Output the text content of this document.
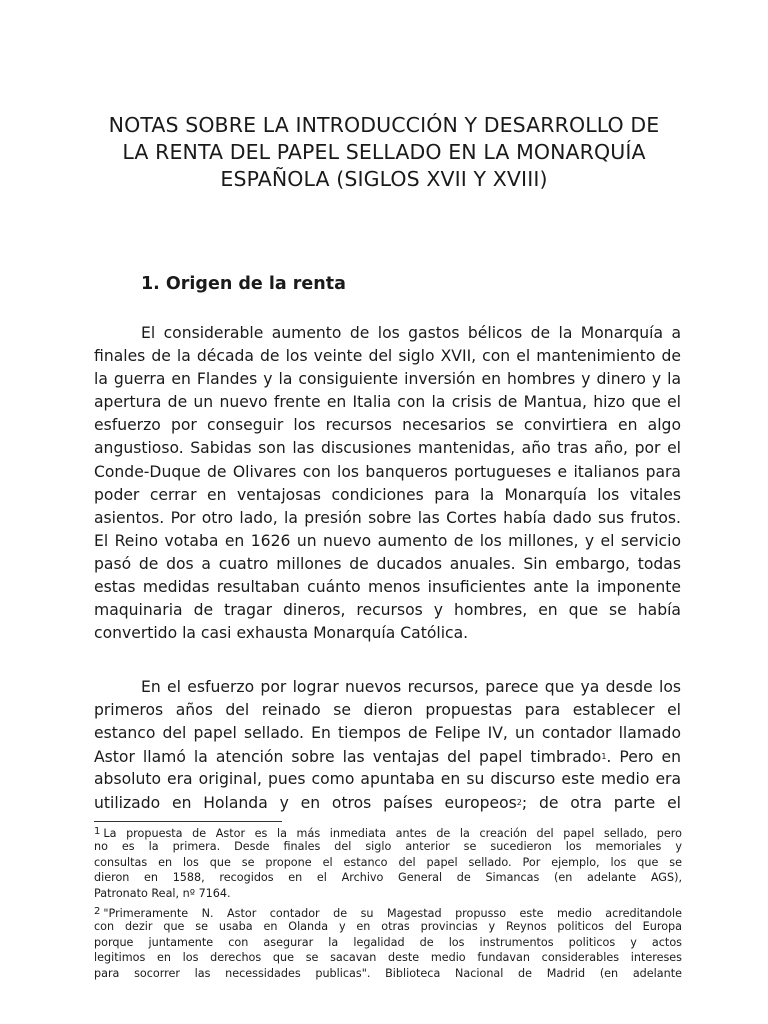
NOTAS SOBRE LA INTRODUCCIÓN Y DESARROLLO DE
LA RENTA DEL PAPEL SELLADO EN LA MONARQUÍA
ESPAÑOLA (SIGLOS XVII Y XVIII)
1. Origen de la renta
El considerable aumento de los gastos bélicos de la Monarquía a
finales de la década de los veinte del siglo XVII, con el mantenimiento de
la guerra en Flandes y la consiguiente inversión en hombres y dinero y la
apertura de un nuevo frente en Italia con la crisis de Mantua, hizo que el
esfuerzo por conseguir los recursos necesarios se convirtiera en algo
angustioso. Sabidas son las discusiones mantenidas, año tras año, por el
Conde-Duque de Olivares con los banqueros portugueses e italianos para
poder cerrar en ventajosas condiciones para la Monarquía los vitales
asientos. Por otro lado, la presión sobre las Cortes había dado sus frutos.
El Reino votaba en 1626 un nuevo aumento de los millones, y el servicio
pasó de dos a cuatro millones de ducados anuales. Sin embargo, todas
estas medidas resultaban cuánto menos insuficientes ante la imponente
maquinaria de tragar dineros, recursos y hombres, en que se había
convertido la casi exhausta Monarquía Católica.
En el esfuerzo por lograr nuevos recursos, parece que ya desde los
primeros años del reinado se dieron propuestas para establecer el
estanco del papel sellado. En tiempos de Felipe IV, un contador llamado
Astor llamó la atención sobre las ventajas del papel timbrado$^1$. Pero en
absoluto era original, pues como apuntaba en su discurso este medio era
utilizado en Holanda y en otros países europeos$^2$; de otra parte el
1 La propuesta de Astor es la más inmediata antes de la creación del papel sellado, pero
no es la primera. Desde finales del siglo anterior se sucedieron los memoriales y
consultas en los que se propone el estanco del papel sellado. Por ejemplo, los que se
dieron en 1588, recogidos en el Archivo General de Simancas (en adelante AGS),
Patronato Real, nº 7164.
2 "Primeramente N. Astor contador de su Magestad propusso este medio acreditandole
con dezir que se usaba en Olanda y en otras provincias y Reynos politicos del Europa
porque juntamente con asegurar la legalidad de los instrumentos politicos y actos
legitimos en los derechos que se sacavan deste medio fundavan considerables intereses
para socorrer las necessidades publicas". Biblioteca Nacional de Madrid (en adelante
